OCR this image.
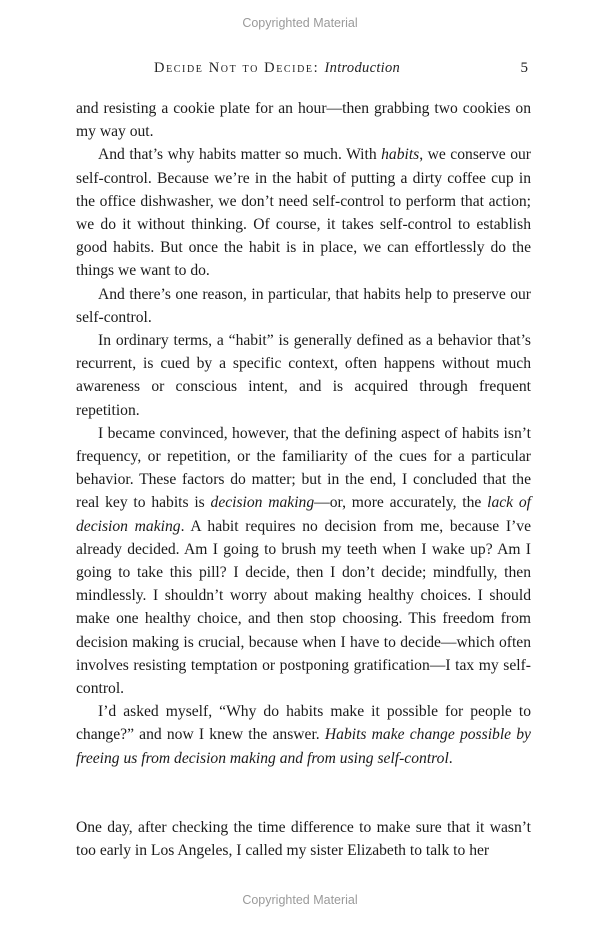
Copyrighted Material
Decide Not to Decide: Introduction	5

and resisting a cookie plate for an hour—then grabbing two cookies on my way out.

And that’s why habits matter so much. With habits, we conserve our self-control. Because we’re in the habit of putting a dirty coffee cup in the office dishwasher, we don’t need self-control to perform that action; we do it without thinking. Of course, it takes self-control to establish good habits. But once the habit is in place, we can effortlessly do the things we want to do.

And there’s one reason, in particular, that habits help to preserve our self-control.

In ordinary terms, a “habit” is generally defined as a behavior that’s recurrent, is cued by a specific context, often happens without much awareness or conscious intent, and is acquired through frequent repetition.

I became convinced, however, that the defining aspect of habits isn’t frequency, or repetition, or the familiarity of the cues for a particular behavior. These factors do matter; but in the end, I concluded that the real key to habits is decision making—or, more accurately, the lack of decision making. A habit requires no decision from me, because I’ve already decided. Am I going to brush my teeth when I wake up? Am I going to take this pill? I decide, then I don’t decide; mindfully, then mindlessly. I shouldn’t worry about making healthy choices. I should make one healthy choice, and then stop choosing. This freedom from decision making is crucial, because when I have to decide—which often involves resisting temptation or postponing gratification—I tax my self-control.

I’d asked myself, “Why do habits make it possible for people to change?” and now I knew the answer. Habits make change possible by freeing us from decision making and from using self-control.

One day, after checking the time difference to make sure that it wasn’t too early in Los Angeles, I called my sister Elizabeth to talk to her

Copyrighted Material
